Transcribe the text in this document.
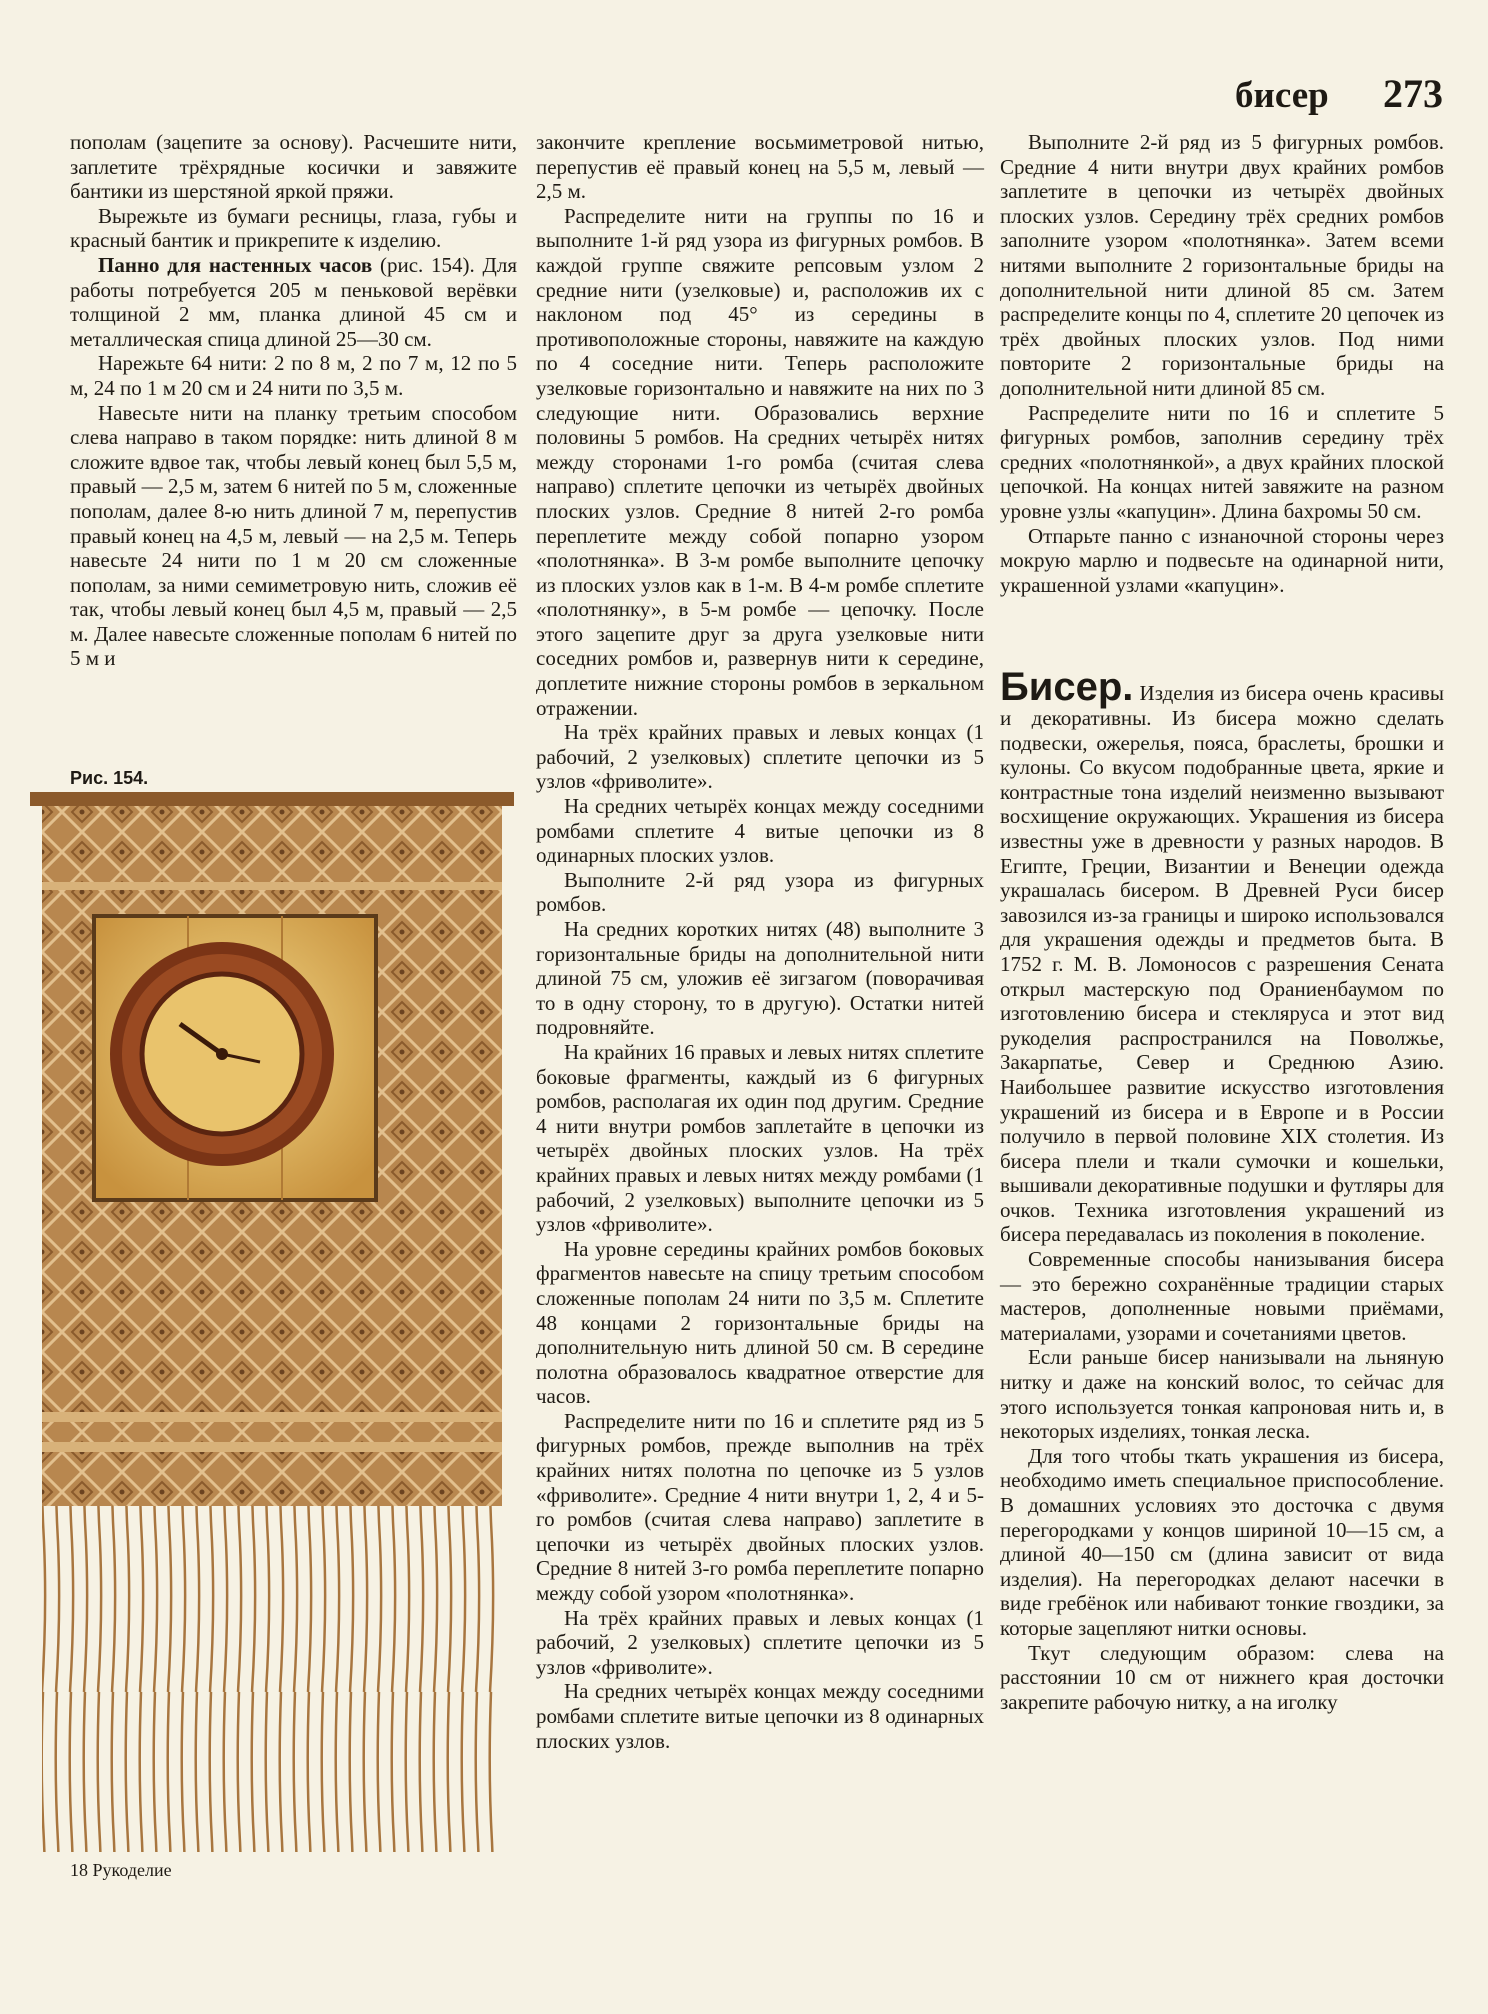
бисер 273

пополам (зацепите за основу). Расчешите нити, заплетите трёхрядные косички и завяжите бантики из шерстяной яркой пряжи.

Вырежьте из бумаги ресницы, глаза, губы и красный бантик и прикрепите к изделию.

Панно для настенных часов (рис. 154). Для работы потребуется 205 м пеньковой верёвки толщиной 2 мм, планка длиной 45 см и металлическая спица длиной 25—30 см.

Нарежьте 64 нити: 2 по 8 м, 2 по 7 м, 12 по 5 м, 24 по 1 м 20 см и 24 нити по 3,5 м.

Навесьте нити на планку третьим способом слева направо в таком порядке: нить длиной 8 м сложите вдвое так, чтобы левый конец был 5,5 м, правый — 2,5 м, затем 6 нитей по 5 м, сложенные пополам, далее 8-ю нить длиной 7 м, перепустив правый конец на 4,5 м, левый — на 2,5 м. Теперь навесьте 24 нити по 1 м 20 см сложенные пополам, за ними семиметровую нить, сложив её так, чтобы левый конец был 4,5 м, правый — 2,5 м. Далее навесьте сложенные пополам 6 нитей по 5 м и

Рис. 154.

закончите крепление восьмиметровой нитью, перепустив её правый конец на 5,5 м, левый — 2,5 м.

Распределите нити на группы по 16 и выполните 1-й ряд узора из фигурных ромбов. В каждой группе свяжите репсовым узлом 2 средние нити (узелковые) и, расположив их с наклоном под 45° из середины в противоположные стороны, навяжите на каждую по 4 соседние нити. Теперь расположите узелковые горизонтально и навяжите на них по 3 следующие нити. Образовались верхние половины 5 ромбов. На средних четырёх нитях между сторонами 1-го ромба (считая слева направо) сплетите цепочки из четырёх двойных плоских узлов. Средние 8 нитей 2-го ромба переплетите между собой попарно узором «полотнянка». В 3-м ромбе выполните цепочку из плоских узлов как в 1-м. В 4-м ромбе сплетите «полотнянку», в 5-м ромбе — цепочку. После этого зацепите друг за друга узелковые нити соседних ромбов и, развернув нити к середине, доплетите нижние стороны ромбов в зеркальном отражении.

На трёх крайних правых и левых концах (1 рабочий, 2 узелковых) сплетите цепочки из 5 узлов «фриволите».

На средних четырёх концах между соседними ромбами сплетите 4 витые цепочки из 8 одинарных плоских узлов.

Выполните 2-й ряд узора из фигурных ромбов.

На средних коротких нитях (48) выполните 3 горизонтальные бриды на дополнительной нити длиной 75 см, уложив её зигзагом (поворачивая то в одну сторону, то в другую). Остатки нитей подровняйте.

На крайних 16 правых и левых нитях сплетите боковые фрагменты, каждый из 6 фигурных ромбов, располагая их один под другим. Средние 4 нити внутри ромбов заплетайте в цепочки из четырёх двойных плоских узлов. На трёх крайних правых и левых нитях между ромбами (1 рабочий, 2 узелковых) выполните цепочки из 5 узлов «фриволите».

На уровне середины крайних ромбов боковых фрагментов навесьте на спицу третьим способом сложенные пополам 24 нити по 3,5 м. Сплетите 48 концами 2 горизонтальные бриды на дополнительную нить длиной 50 см. В середине полотна образовалось квадратное отверстие для часов.

Распределите нити по 16 и сплетите ряд из 5 фигурных ромбов, прежде выполнив на трёх крайних нитях полотна по цепочке из 5 узлов «фриволите». Средние 4 нити внутри 1, 2, 4 и 5-го ромбов (считая слева направо) заплетите в цепочки из четырёх двойных плоских узлов. Средние 8 нитей 3-го ромба переплетите попарно между собой узором «полотнянка».

На трёх крайних правых и левых концах (1 рабочий, 2 узелковых) сплетите цепочки из 5 узлов «фриволите».

На средних четырёх концах между соседними ромбами сплетите витые цепочки из 8 одинарных плоских узлов.

Выполните 2-й ряд из 5 фигурных ромбов. Средние 4 нити внутри двух крайних ромбов заплетите в цепочки из четырёх двойных плоских узлов. Середину трёх средних ромбов заполните узором «полотнянка». Затем всеми нитями выполните 2 горизонтальные бриды на дополнительной нити длиной 85 см. Затем распределите концы по 4, сплетите 20 цепочек из трёх двойных плоских узлов. Под ними повторите 2 горизонтальные бриды на дополнительной нити длиной 85 см.

Распределите нити по 16 и сплетите 5 фигурных ромбов, заполнив середину трёх средних «полотнянкой», а двух крайних плоской цепочкой. На концах нитей завяжите на разном уровне узлы «капуцин». Длина бахромы 50 см.

Отпарьте панно с изнаночной стороны через мокрую марлю и подвесьте на одинарной нити, украшенной узлами «капуцин».

Бисер. Изделия из бисера очень красивы и декоративны. Из бисера можно сделать подвески, ожерелья, пояса, браслеты, брошки и кулоны. Со вкусом подобранные цвета, яркие и контрастные тона изделий неизменно вызывают восхищение окружающих. Украшения из бисера известны уже в древности у разных народов. В Египте, Греции, Византии и Венеции одежда украшалась бисером. В Древней Руси бисер завозился из-за границы и широко использовался для украшения одежды и предметов быта. В 1752 г. М. В. Ломоносов с разрешения Сената открыл мастерскую под Ораниенбаумом по изготовлению бисера и стекляруса и этот вид рукоделия распространился на Поволжье, Закарпатье, Север и Среднюю Азию. Наибольшее развитие искусство изготовления украшений из бисера и в Европе и в России получило в первой половине XIX столетия. Из бисера плели и ткали сумочки и кошельки, вышивали декоративные подушки и футляры для очков. Техника изготовления украшений из бисера передавалась из поколения в поколение.

Современные способы нанизывания бисера — это бережно сохранённые традиции старых мастеров, дополненные новыми приёмами, материалами, узорами и сочетаниями цветов.

Если раньше бисер нанизывали на льняную нитку и даже на конский волос, то сейчас для этого используется тонкая капроновая нить и, в некоторых изделиях, тонкая леска.

Для того чтобы ткать украшения из бисера, необходимо иметь специальное приспособление. В домашних условиях это досточка с двумя перегородками у концов шириной 10—15 см, а длиной 40—150 см (длина зависит от вида изделия). На перегородках делают насечки в виде гребёнок или набивают тонкие гвоздики, за которые зацепляют нитки основы.

Ткут следующим образом: слева на расстоянии 10 см от нижнего края досточки закрепите рабочую нитку, а на иголку

18 Рукоделие
